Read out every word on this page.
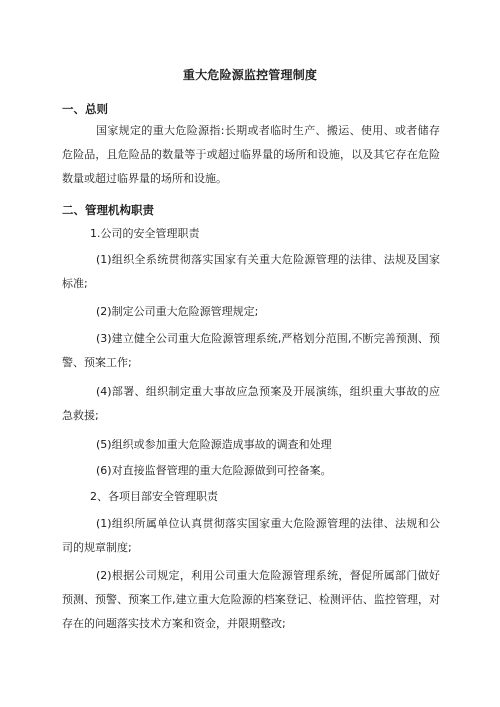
重大危险源监控管理制度
一、总则

国家规定的重大危险源指:长期或者临时生产、搬运、使用、或者储存危险品，且危险品的数量等于或超过临界量的场所和设施，以及其它存在危险数量或超过临界量的场所和设施。

二、管理机构职责

1.公司的安全管理职责

(1)组织全系统贯彻落实国家有关重大危险源管理的法律、法规及国家标准;

(2)制定公司重大危险源管理规定;

(3)建立健全公司重大危险源管理系统,严格划分范围,不断完善预测、预警、预案工作;

(4)部署、组织制定重大事故应急预案及开展演练，组织重大事故的应急救援;

(5)组织或参加重大危险源造成事故的调查和处理

(6)对直接监督管理的重大危险源做到可控备案。

2、各项目部安全管理职责

(1)组织所属单位认真贯彻落实国家重大危险源管理的法律、法规和公司的规章制度;

(2)根据公司规定，利用公司重大危险源管理系统，督促所属部门做好预测、预警、预案工作,建立重大危险源的档案登记、检测评估、监控管理，对存在的问题落实技术方案和资金，并限期整改;
